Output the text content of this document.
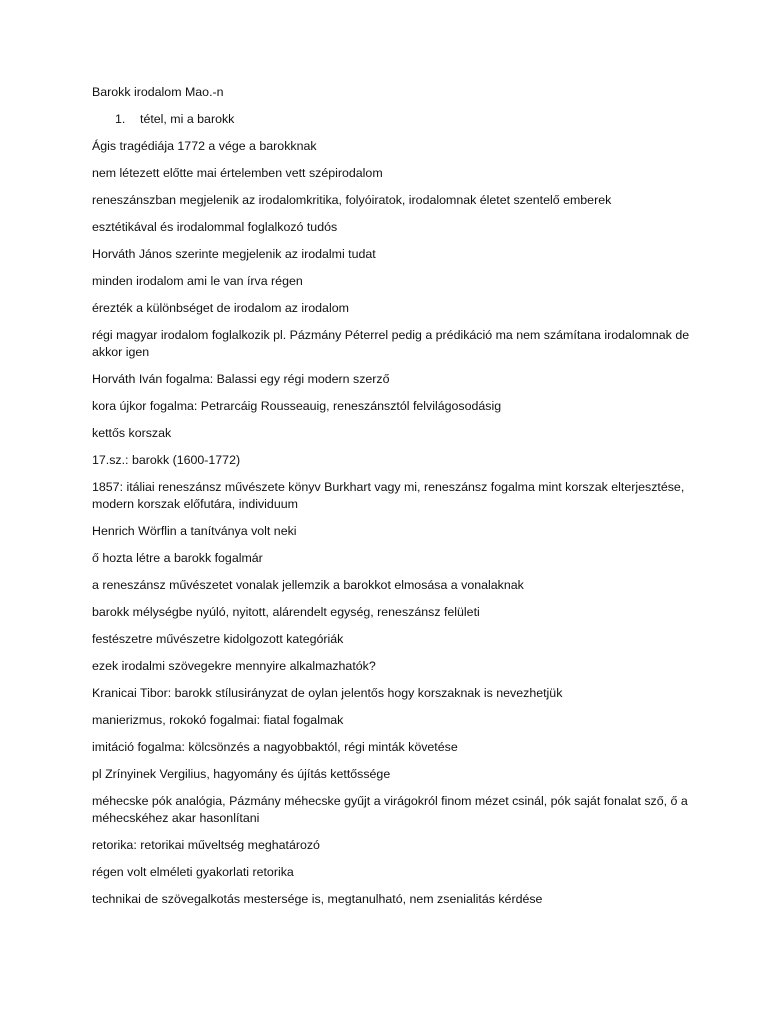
Barokk irodalom Mao.-n

1. tétel, mi a barokk

Ágis tragédiája 1772 a vége a barokknak

nem létezett előtte mai értelemben vett szépirodalom

reneszánszban megjelenik az irodalomkritika, folyóiratok, irodalomnak életet szentelő emberek

esztétikával és irodalommal foglalkozó tudós

Horváth János szerinte megjelenik az irodalmi tudat

minden irodalom ami le van írva régen

érezték a különbséget de irodalom az irodalom

régi magyar irodalom foglalkozik pl. Pázmány Péterrel pedig a prédikáció ma nem számítana irodalomnak de akkor igen

Horváth Iván fogalma: Balassi egy régi modern szerző

kora újkor fogalma: Petrarcáig Rousseauig, reneszánsztól felvilágosodásig

kettős korszak

17.sz.: barokk (1600-1772)

1857: itáliai reneszánsz művészete könyv Burkhart vagy mi, reneszánsz fogalma mint korszak elterjesztése, modern korszak előfutára, individuum

Henrich Wörflin a tanítványa volt neki

ő hozta létre a barokk fogalmár

a reneszánsz művészetet vonalak jellemzik a barokkot elmosása a vonalaknak

barokk mélységbe nyúló, nyitott, alárendelt egység, reneszánsz felületi

festészetre művészetre kidolgozott kategóriák

ezek irodalmi szövegekre mennyire alkalmazhatók?

Kranicai Tibor: barokk stílusirányzat de oylan jelentős hogy korszaknak is nevezhetjük

manierizmus, rokokó fogalmai: fiatal fogalmak

imitáció fogalma: kölcsönzés a nagyobbaktól, régi minták követése

pl Zrínyinek Vergilius, hagyomány és újítás kettőssége

méhecske pók analógia, Pázmány méhecske gyűjt a virágokról finom mézet csinál, pók saját fonalat sző, ő a méhecskéhez akar hasonlítani

retorika: retorikai műveltség meghatározó

régen volt elméleti gyakorlati retorika

technikai de szövegalkotás mestersége is, megtanulható, nem zsenialitás kérdése
